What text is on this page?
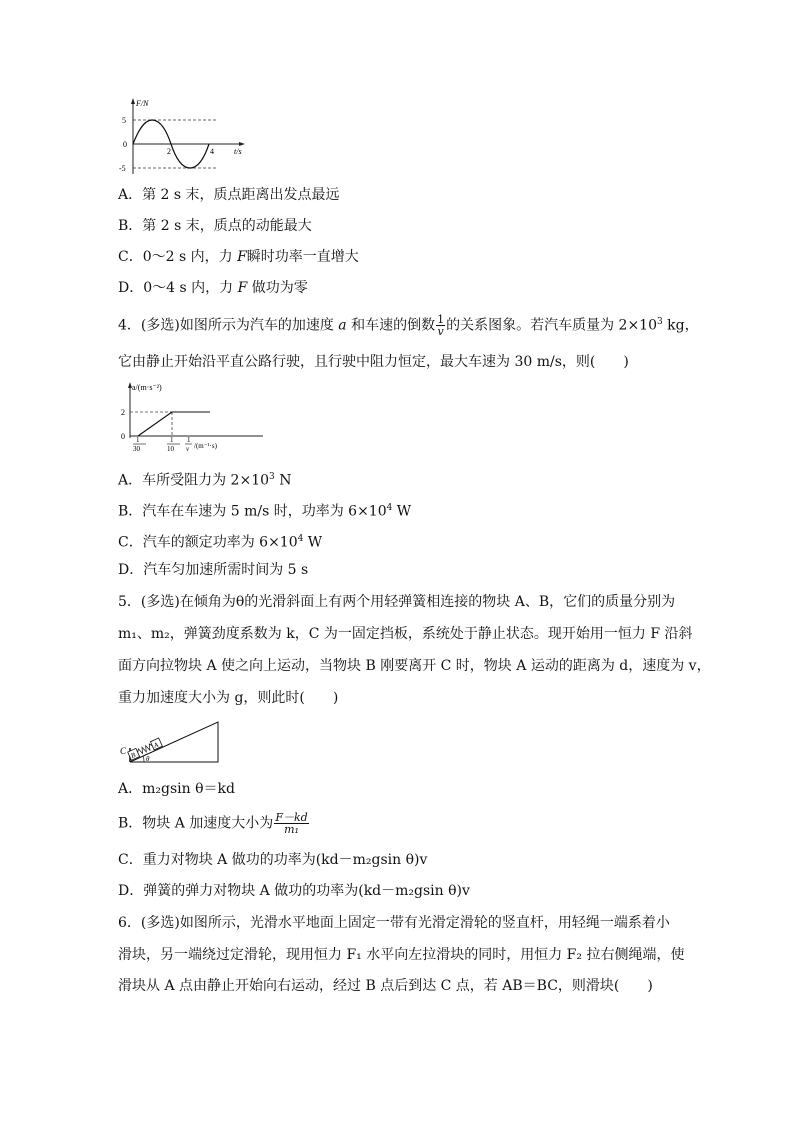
F/N
t/s
5
0
-5
2	4
A．第 2 s 末，质点距离出发点最远
B．第 2 s 末，质点的动能最大
C．0～2 s 内，力 F瞬时功率一直增大
D．0～4 s 内，力 F 做功为零
4．(多选)如图所示为汽车的加速度 a 和车速的倒数 $\frac{1}{v}$ 的关系图象。若汽车质量为 $2\times 10^3$ kg，
它由静止开始沿平直公路行驶，且行驶中阻力恒定，最大车速为 30 m/s，则(　　)
a/(m·s⁻²)
2
0 1
30
1
10
1
v /(m⁻¹·s)
A．车所受阻力为 $2\times 10^3$ N
B．汽车在车速为 5 m/s 时，功率为 $6\times 10^4$ W
C．汽车的额定功率为 $6\times 10^4$ W
D．汽车匀加速所需时间为 5 s
5．(多选)在倾角为θ的光滑斜面上有两个用轻弹簧相连接的物块 A、B，它们的质量分别为
m₁、m₂，弹簧劲度系数为 k，C 为一固定挡板，系统处于静止状态。现开始用一恒力 F 沿斜
面方向拉物块 A 使之向上运动，当物块 B 刚要离开 C 时，物块 A 运动的距离为 d，速度为 v，
重力加速度大小为 g，则此时(　　)
C B
A
θ
A．m₂gsin θ＝kd
B．物块 A 加速度大小为 $\frac{F-kd}{\text{m₁}}$
C．重力对物块 A 做功的功率为(kd－m₂gsin θ)v
D．弹簧的弹力对物块 A 做功的功率为(kd－m₂gsin θ)v
6．(多选)如图所示，光滑水平地面上固定一带有光滑定滑轮的竖直杆，用轻绳一端系着小
滑块，另一端绕过定滑轮，现用恒力 F₁ 水平向左拉滑块的同时，用恒力 F₂ 拉右侧绳端，使
滑块从 A 点由静止开始向右运动，经过 B 点后到达 C 点，若 AB＝BC，则滑块(　　)
